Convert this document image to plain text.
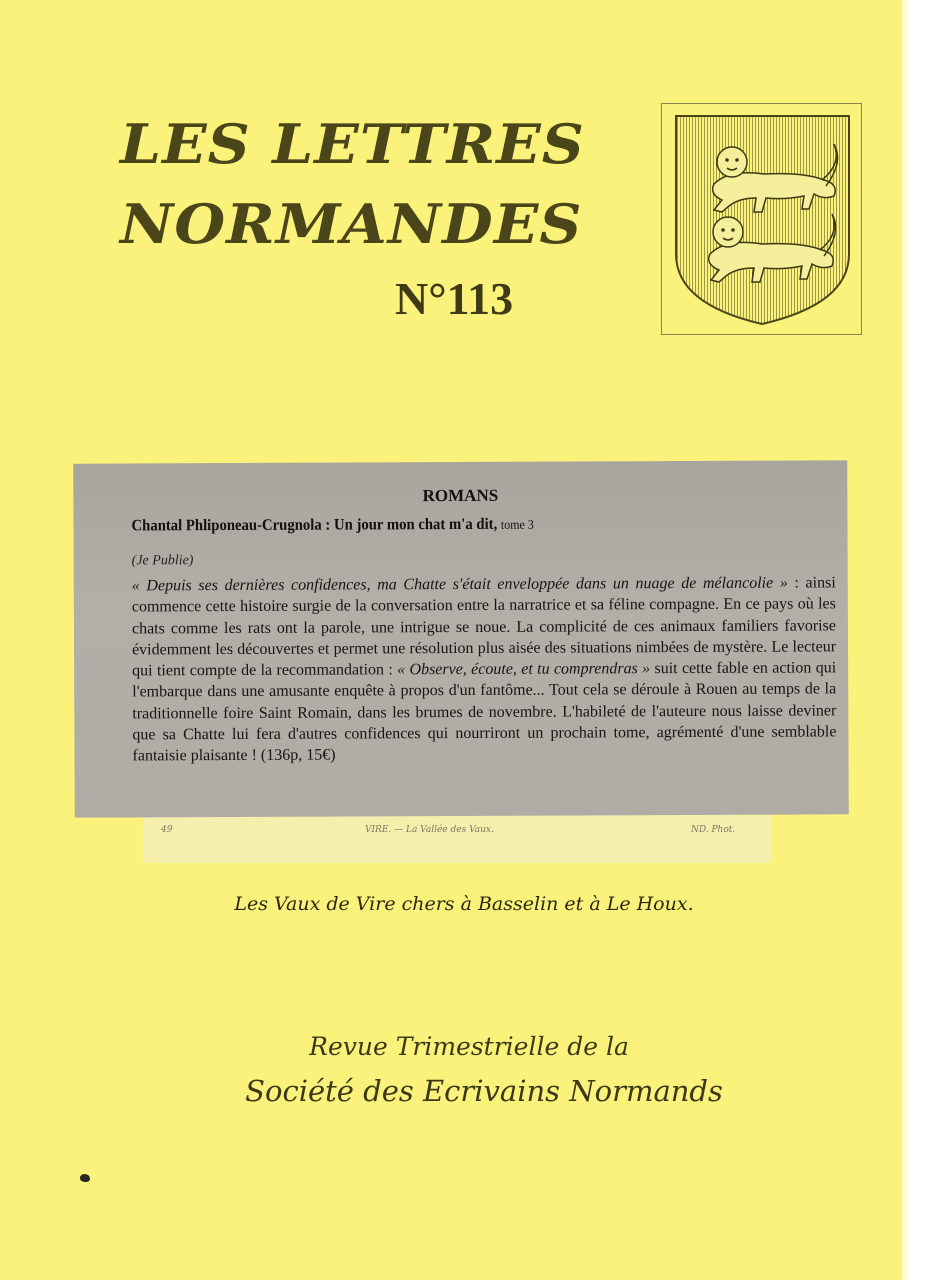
LES LETTRES
NORMANDES
N°113
49	VIRE. — La Vallée des Vaux.	ND. Phot.
ROMANS
Chantal Phliponeau-Crugnola : Un jour mon chat m'a dit, tome 3
(Je Publie)
« Depuis ses dernières confidences, ma Chatte s'était enveloppée dans un nuage de mélancolie » : ainsi commence cette histoire surgie de la conversation entre la narratrice et sa féline compagne. En ce pays où les chats comme les rats ont la parole, une intrigue se noue. La complicité de ces animaux familiers favorise évidemment les découvertes et permet une résolution plus aisée des situations nimbées de mystère. Le lecteur qui tient compte de la recommandation : « Observe, écoute, et tu comprendras » suit cette fable en action qui l'embarque dans une amusante enquête à propos d'un fantôme... Tout cela se déroule à Rouen au temps de la traditionnelle foire Saint Romain, dans les brumes de novembre. L'habileté de l'auteure nous laisse deviner que sa Chatte lui fera d'autres confidences qui nourriront un prochain tome, agrémenté d'une semblable fantaisie plaisante ! (136p, 15€)
Les Vaux de Vire chers à Basselin et à Le Houx.
Revue Trimestrielle de la
Société des Ecrivains Normands
